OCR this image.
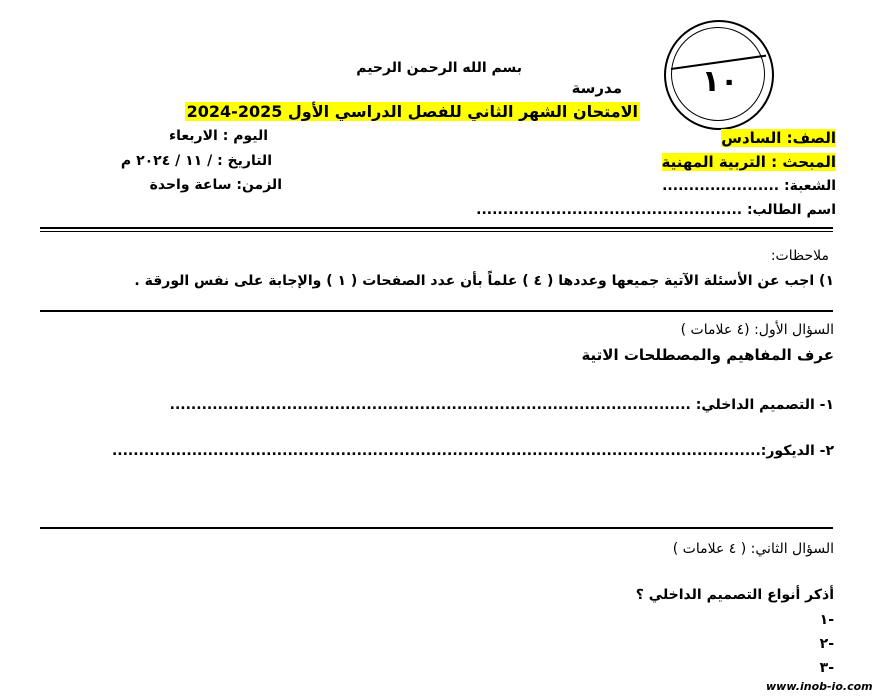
١٠
بسم الله الرحمن الرحيم
مدرسة
الامتحان الشهر الثاني للفصل الدراسي الأول 2025-2024
الصف: السادس
المبحث : التربية المهنية
الشعبة: ......................
اسم الطالب: ..................................................
اليوم : الاربعاء
التاريخ : / ١١ / ٢٠٢٤ م
الزمن: ساعة واحدة
ملاحظات:
١) اجب عن الأسئلة الآتية جميعها وعددها ( ٤ ) علماً بأن عدد الصفحات ( ١ ) والإجابة على نفس الورقة .
السؤال الأول: (٤ علامات )
عرف المفاهيم والمصطلحات الاتية
١- التصميم الداخلي: ..................................................................................................
٢- الديكور:..........................................................................................................................
السؤال الثاني: ( ٤ علامات )
أذكر أنواع التصميم الداخلي ؟
-١
-٢
-٣
www.inob-io.com
